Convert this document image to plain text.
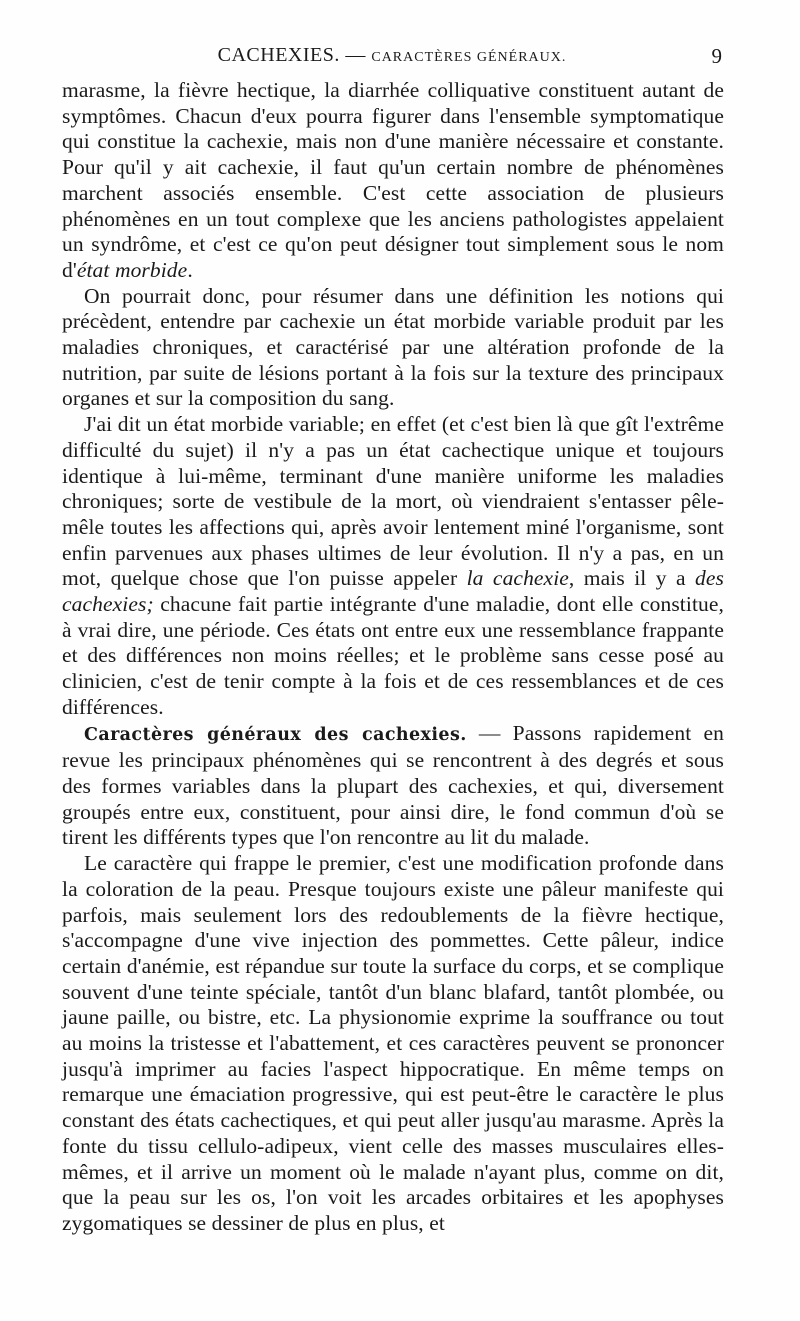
CACHEXIES. — CARACTÈRES GÉNÉRAUX.	9

marasme, la fièvre hectique, la diarrhée colliquative constituent autant de symptômes. Chacun d'eux pourra figurer dans l'ensemble symptomatique qui constitue la cachexie, mais non d'une manière nécessaire et constante. Pour qu'il y ait cachexie, il faut qu'un certain nombre de phénomènes marchent associés ensemble. C'est cette association de plusieurs phénomènes en un tout complexe que les anciens pathologistes appelaient un syndrôme, et c'est ce qu'on peut désigner tout simplement sous le nom d'état morbide.

On pourrait donc, pour résumer dans une définition les notions qui précèdent, entendre par cachexie un état morbide variable produit par les maladies chroniques, et caractérisé par une altération profonde de la nutrition, par suite de lésions portant à la fois sur la texture des principaux organes et sur la composition du sang.

J'ai dit un état morbide variable; en effet (et c'est bien là que gît l'extrême difficulté du sujet) il n'y a pas un état cachectique unique et toujours identique à lui-même, terminant d'une manière uniforme les maladies chroniques; sorte de vestibule de la mort, où viendraient s'entasser pêle-mêle toutes les affections qui, après avoir lentement miné l'organisme, sont enfin parvenues aux phases ultimes de leur évolution. Il n'y a pas, en un mot, quelque chose que l'on puisse appeler la cachexie, mais il y a des cachexies; chacune fait partie intégrante d'une maladie, dont elle constitue, à vrai dire, une période. Ces états ont entre eux une ressemblance frappante et des différences non moins réelles; et le problème sans cesse posé au clinicien, c'est de tenir compte à la fois et de ces ressemblances et de ces différences.

Caractères généraux des cachexies. — Passons rapidement en revue les principaux phénomènes qui se rencontrent à des degrés et sous des formes variables dans la plupart des cachexies, et qui, diversement groupés entre eux, constituent, pour ainsi dire, le fond commun d'où se tirent les différents types que l'on rencontre au lit du malade.

Le caractère qui frappe le premier, c'est une modification profonde dans la coloration de la peau. Presque toujours existe une pâleur manifeste qui parfois, mais seulement lors des redoublements de la fièvre hectique, s'accompagne d'une vive injection des pommettes. Cette pâleur, indice certain d'anémie, est répandue sur toute la surface du corps, et se complique souvent d'une teinte spéciale, tantôt d'un blanc blafard, tantôt plombée, ou jaune paille, ou bistre, etc. La physionomie exprime la souffrance ou tout au moins la tristesse et l'abattement, et ces caractères peuvent se prononcer jusqu'à imprimer au facies l'aspect hippocratique. En même temps on remarque une émaciation progressive, qui est peut-être le caractère le plus constant des états cachectiques, et qui peut aller jusqu'au marasme. Après la fonte du tissu cellulo-adipeux, vient celle des masses musculaires elles-mêmes, et il arrive un moment où le malade n'ayant plus, comme on dit, que la peau sur les os, l'on voit les arcades orbitaires et les apophyses zygomatiques se dessiner de plus en plus, et
